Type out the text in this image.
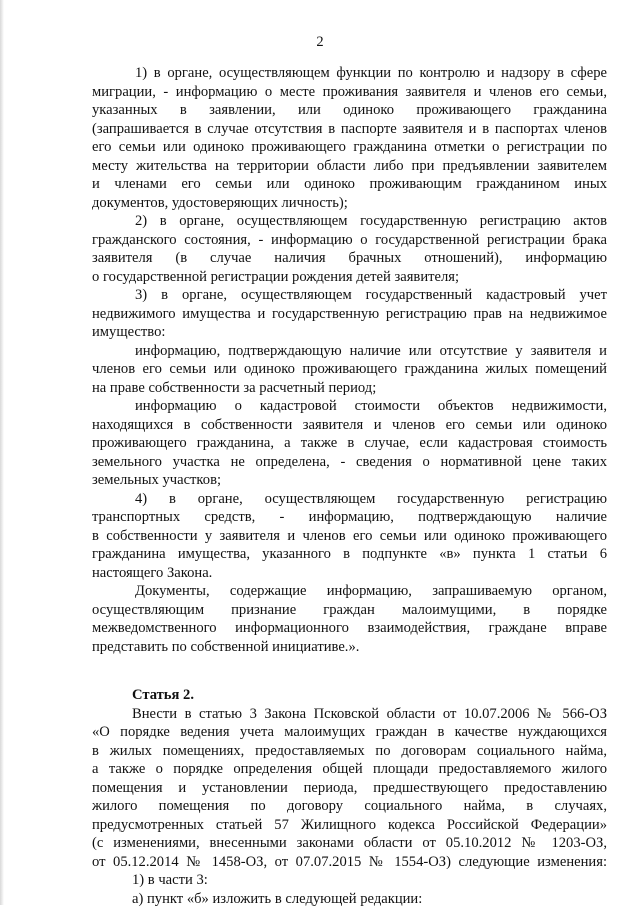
2

1) в органе, осуществляющем функции по контролю и надзору в сфере

миграции, - информацию о месте проживания заявителя и членов его семьи,

указанных в заявлении, или одиноко проживающего гражданина

(запрашивается в случае отсутствия в паспорте заявителя и в паспортах членов

его семьи или одиноко проживающего гражданина отметки о регистрации по

месту жительства на территории области либо при предъявлении заявителем

и членами его семьи или одиноко проживающим гражданином иных

документов, удостоверяющих личность);

2) в органе, осуществляющем государственную регистрацию актов

гражданского состояния, - информацию о государственной регистрации брака

заявителя (в случае наличия брачных отношений), информацию

о государственной регистрации рождения детей заявителя;

3) в органе, осуществляющем государственный кадастровый учет

недвижимого имущества и государственную регистрацию прав на недвижимое

имущество:

информацию, подтверждающую наличие или отсутствие у заявителя и

членов его семьи или одиноко проживающего гражданина жилых помещений

на праве собственности за расчетный период;

информацию о кадастровой стоимости объектов недвижимости,

находящихся в собственности заявителя и членов его семьи или одиноко

проживающего гражданина, а также в случае, если кадастровая стоимость

земельного участка не определена, - сведения о нормативной цене таких

земельных участков;

4) в органе, осуществляющем государственную регистрацию

транспортных средств, - информацию, подтверждающую наличие

в собственности у заявителя и членов его семьи или одиноко проживающего

гражданина имущества, указанного в подпункте «в» пункта 1 статьи 6

настоящего Закона.

Документы, содержащие информацию, запрашиваемую органом,

осуществляющим признание граждан малоимущими, в порядке

межведомственного информационного взаимодействия, граждане вправе

представить по собственной инициативе.».

Статья 2.

Внести в статью 3 Закона Псковской области от 10.07.2006 № 566-ОЗ

«О порядке ведения учета малоимущих граждан в качестве нуждающихся

в жилых помещениях, предоставляемых по договорам социального найма,

а также о порядке определения общей площади предоставляемого жилого

помещения и установлении периода, предшествующего предоставлению

жилого помещения по договору социального найма, в случаях,

предусмотренных статьей 57 Жилищного кодекса Российской Федерации»

(с изменениями, внесенными законами области от 05.10.2012 № 1203-ОЗ,

от 05.12.2014 № 1458-ОЗ, от 07.07.2015 № 1554-ОЗ) следующие изменения:

1) в части 3:

а) пункт «б» изложить в следующей редакции:
